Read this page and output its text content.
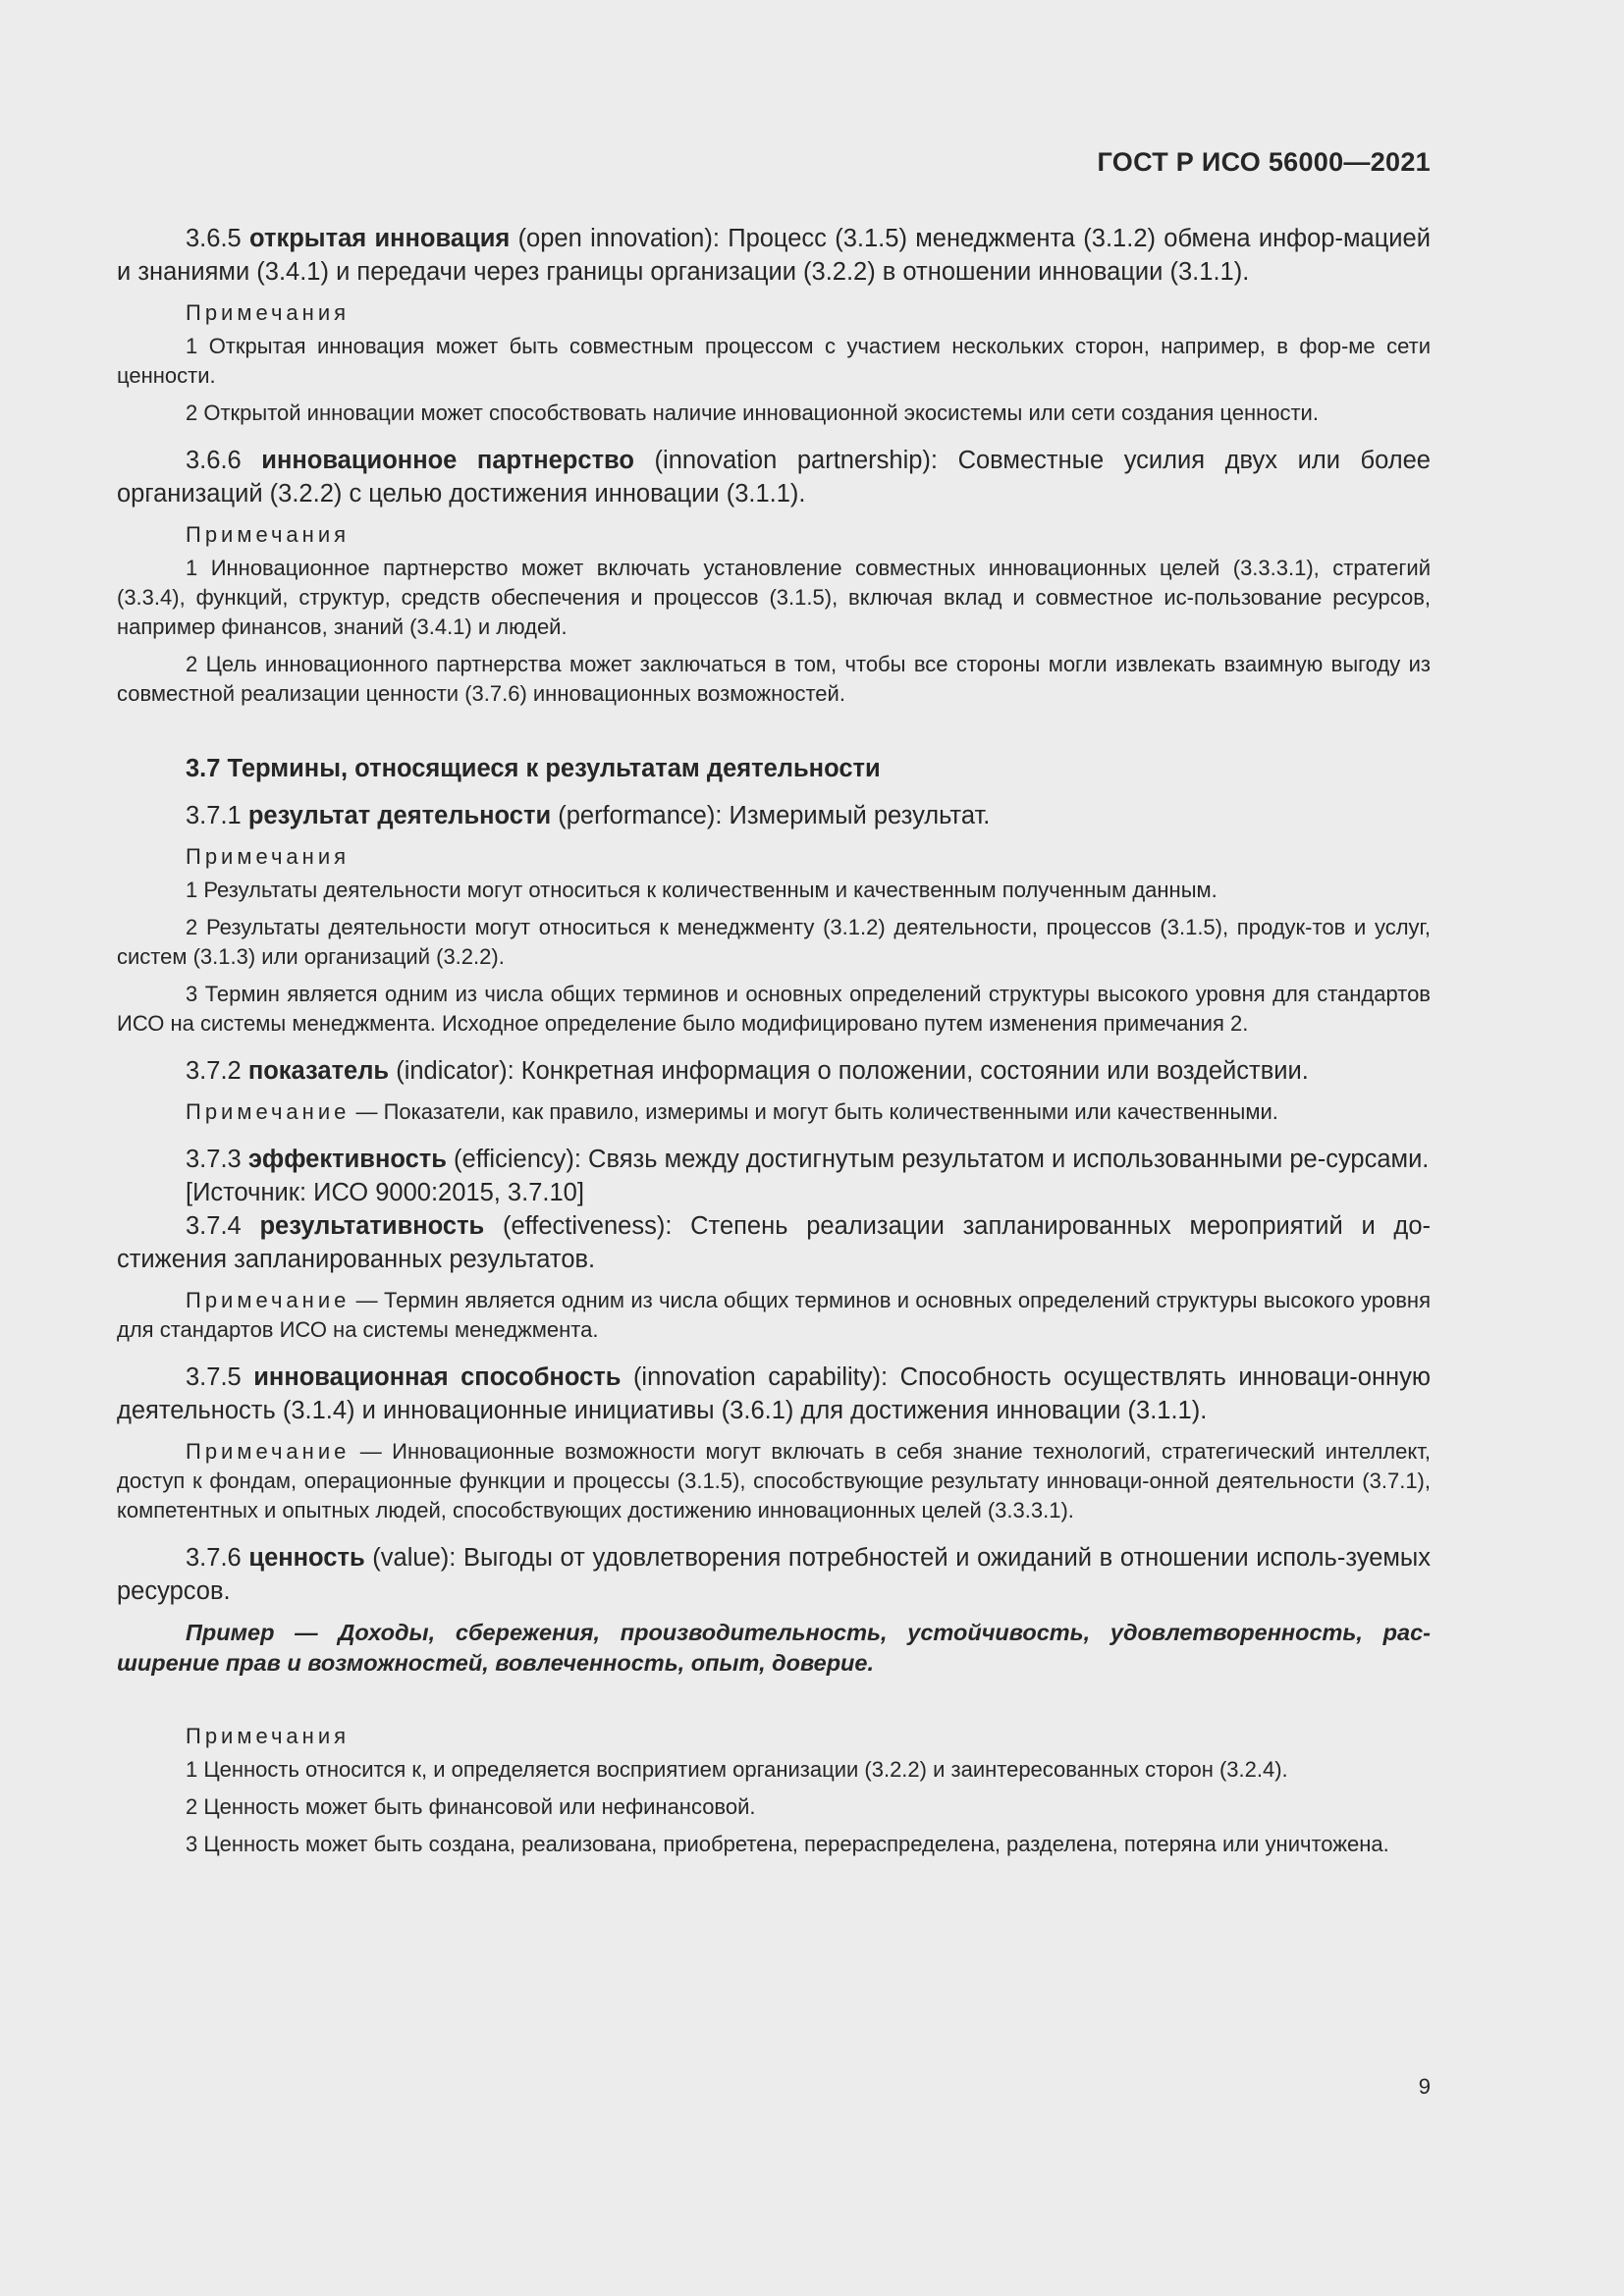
ГОСТ Р ИСО 56000—2021

3.6.5 открытая инновация (open innovation): Процесс (3.1.5) менеджмента (3.1.2) обмена инфор-мацией и знаниями (3.4.1) и передачи через границы организации (3.2.2) в отношении инновации (3.1.1).

Примечания

1 Открытая инновация может быть совместным процессом с участием нескольких сторон, например, в фор-ме сети ценности.

2 Открытой инновации может способствовать наличие инновационной экосистемы или сети создания ценности.

3.6.6 инновационное партнерство (innovation partnership): Совместные усилия двух или более организаций (3.2.2) с целью достижения инновации (3.1.1).

Примечания

1 Инновационное партнерство может включать установление совместных инновационных целей (3.3.3.1), стратегий (3.3.4), функций, структур, средств обеспечения и процессов (3.1.5), включая вклад и совместное ис-пользование ресурсов, например финансов, знаний (3.4.1) и людей.

2 Цель инновационного партнерства может заключаться в том, чтобы все стороны могли извлекать взаимную выгоду из совместной реализации ценности (3.7.6) инновационных возможностей.

3.7 Термины, относящиеся к результатам деятельности

3.7.1 результат деятельности (performance): Измеримый результат.

Примечания

1 Результаты деятельности могут относиться к количественным и качественным полученным данным.

2 Результаты деятельности могут относиться к менеджменту (3.1.2) деятельности, процессов (3.1.5), продук-тов и услуг, систем (3.1.3) или организаций (3.2.2).

3 Термин является одним из числа общих терминов и основных определений структуры высокого уровня для стандартов ИСО на системы менеджмента. Исходное определение было модифицировано путем изменения примечания 2.

3.7.2 показатель (indicator): Конкретная информация о положении, состоянии или воздействии.

Примечание — Показатели, как правило, измеримы и могут быть количественными или качественными.

3.7.3 эффективность (efficiency): Связь между достигнутым результатом и использованными ре-сурсами.

[Источник: ИСО 9000:2015, 3.7.10]

3.7.4 результативность (effectiveness): Степень реализации запланированных мероприятий и до-стижения запланированных результатов.

Примечание — Термин является одним из числа общих терминов и основных определений структуры высокого уровня для стандартов ИСО на системы менеджмента.

3.7.5 инновационная способность (innovation capability): Способность осуществлять инноваци-онную деятельность (3.1.4) и инновационные инициативы (3.6.1) для достижения инновации (3.1.1).

Примечание — Инновационные возможности могут включать в себя знание технологий, стратегический интеллект, доступ к фондам, операционные функции и процессы (3.1.5), способствующие результату инноваци-онной деятельности (3.7.1), компетентных и опытных людей, способствующих достижению инновационных целей (3.3.3.1).

3.7.6 ценность (value): Выгоды от удовлетворения потребностей и ожиданий в отношении исполь-зуемых ресурсов.

Пример — Доходы, сбережения, производительность, устойчивость, удовлетворенность, рас-ширение прав и возможностей, вовлеченность, опыт, доверие.

Примечания

1 Ценность относится к, и определяется восприятием организации (3.2.2) и заинтересованных сторон (3.2.4).

2 Ценность может быть финансовой или нефинансовой.

3 Ценность может быть создана, реализована, приобретена, перераспределена, разделена, потеряна или уничтожена.

9
